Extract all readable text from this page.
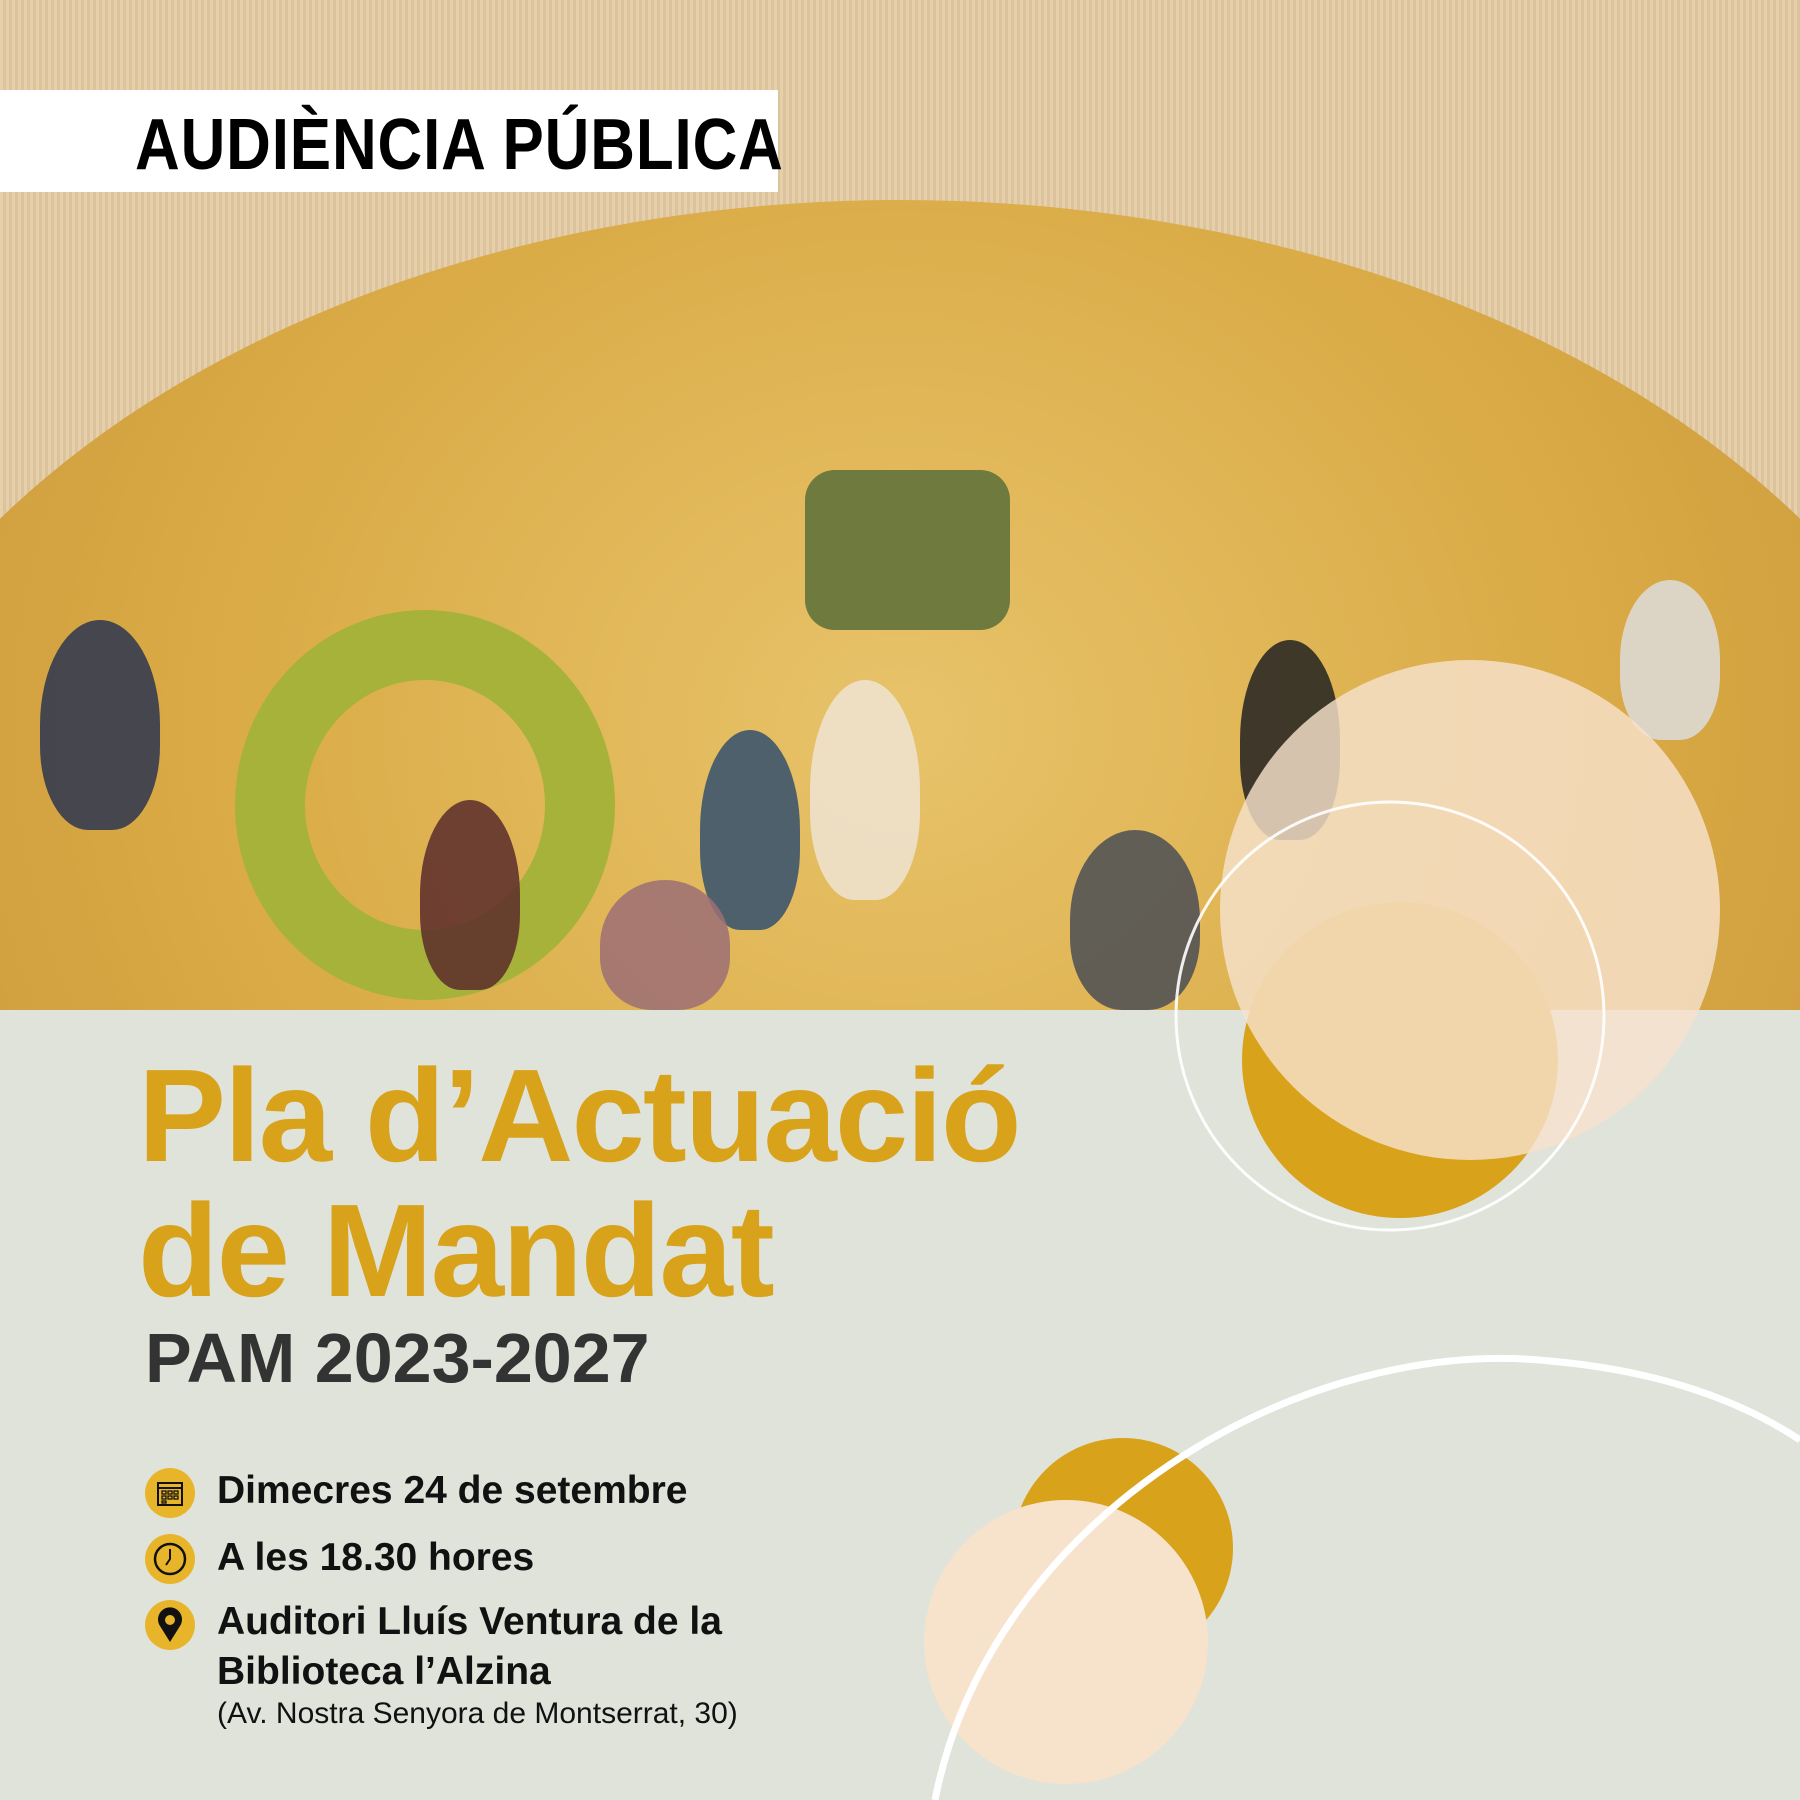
AUDIÈNCIA PÚBLICA
Pla d’Actuació
de Mandat
PAM 2023-2027
Dimecres 24 de setembre
A les 18.30 hores
Auditori Lluís Ventura de la
Biblioteca l’Alzina
(Av. Nostra Senyora de Montserrat, 30)
